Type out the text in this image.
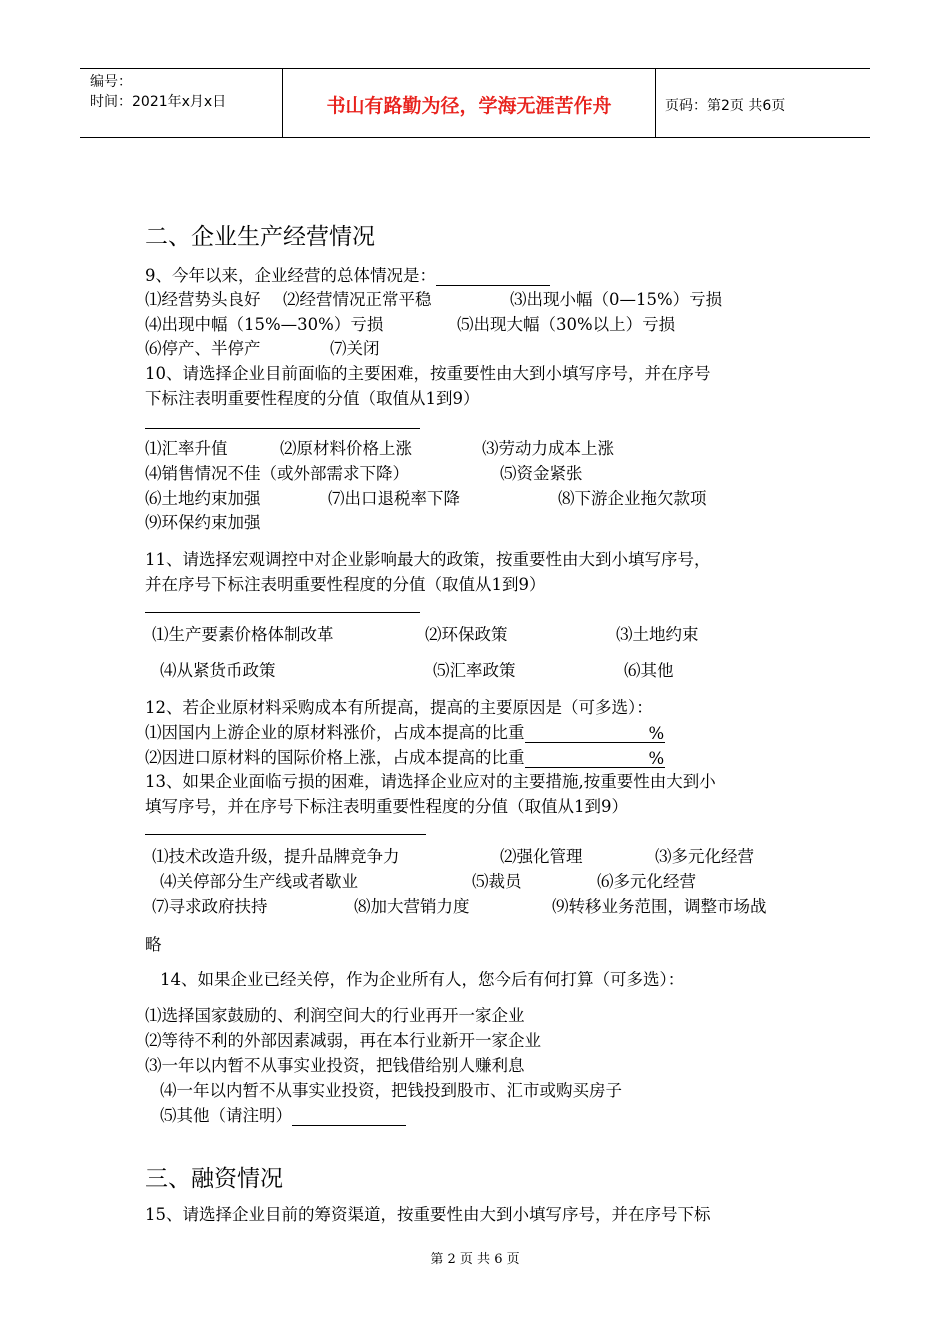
编号：
时间：2021年x月x日	书山有路勤为径，学海无涯苦作舟	页码：第2页 共6页
二、企业生产经营情况
9、今年以来，企业经营的总体情况是：
⑴经营势头良好 ⑵经营情况正常平稳	⑶出现小幅（0—15%）亏损
⑷出现中幅（15%—30%）亏损	⑸出现大幅（30%以上）亏损
⑹停产、半停产	⑺关闭
10、请选择企业目前面临的主要困难，按重要性由大到小填写序号，并在序号
下标注表明重要性程度的分值（取值从1到9）
⑴汇率升值	⑵原材料价格上涨	⑶劳动力成本上涨
⑷销售情况不佳（或外部需求下降）	⑸资金紧张
⑹土地约束加强	⑺出口退税率下降	⑻下游企业拖欠款项
⑼环保约束加强
11、请选择宏观调控中对企业影响最大的政策，按重要性由大到小填写序号，
并在序号下标注表明重要性程度的分值（取值从1到9）
⑴生产要素价格体制改革	⑵环保政策	⑶土地约束
⑷从紧货币政策	⑸汇率政策	⑹其他
12、若企业原材料采购成本有所提高，提高的主要原因是（可多选）：
⑴因国内上游企业的原材料涨价，占成本提高的比重	%
⑵因进口原材料的国际价格上涨，占成本提高的比重	%
13、如果企业面临亏损的困难，请选择企业应对的主要措施,按重要性由大到小
填写序号，并在序号下标注表明重要性程度的分值（取值从1到9）
⑴技术改造升级，提升品牌竞争力	⑵强化管理	⑶多元化经营
⑷关停部分生产线或者歇业	⑸裁员	⑹多元化经营
⑺寻求政府扶持	⑻加大营销力度	⑼转移业务范围，调整市场战
略
14、如果企业已经关停，作为企业所有人，您今后有何打算（可多选）：
⑴选择国家鼓励的、利润空间大的行业再开一家企业
⑵等待不利的外部因素减弱，再在本行业新开一家企业
⑶一年以内暂不从事实业投资，把钱借给别人赚利息
⑷一年以内暂不从事实业投资，把钱投到股市、汇市或购买房子
⑸其他（请注明）
三、融资情况
15、请选择企业目前的筹资渠道，按重要性由大到小填写序号，并在序号下标
第 2 页 共 6 页
